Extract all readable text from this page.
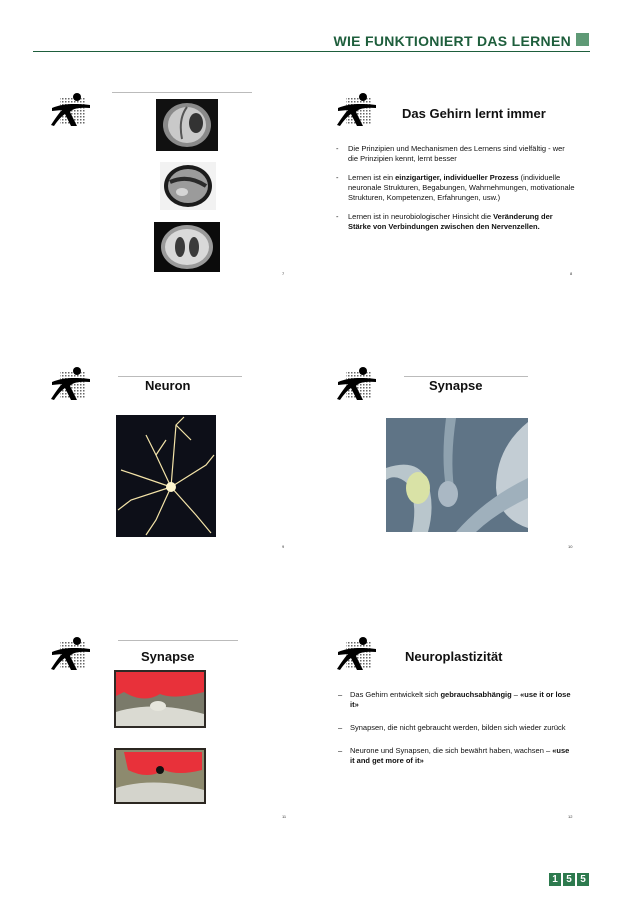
WIE FUNKTIONIERT DAS LERNEN
7
Das Gehirn lernt immer
- Die Prinzipien und Mechanismen des Lernens sind vielfältig - wer die Prinzipien kennt, lernt besser
- Lernen ist ein einzigartiger, individueller Prozess (individuelle neuronale Strukturen, Begabungen, Wahrnehmungen, motivationale Strukturen, Kompetenzen, Erfahrungen, usw.)
- Lernen ist in neurobiologischer Hinsicht die Veränderung der Stärke von Verbindungen zwischen den Nervenzellen.
8
Neuron
9
Synapse
10
Synapse
11
Neuroplastizität
– Das Gehirn entwickelt sich gebrauchsabhängig – «use it or lose it»
– Synapsen, die nicht gebraucht werden, bilden sich wieder zurück
– Neurone und Synapsen, die sich bewährt haben, wachsen – «use it and get more of it»
12
1 5 5
